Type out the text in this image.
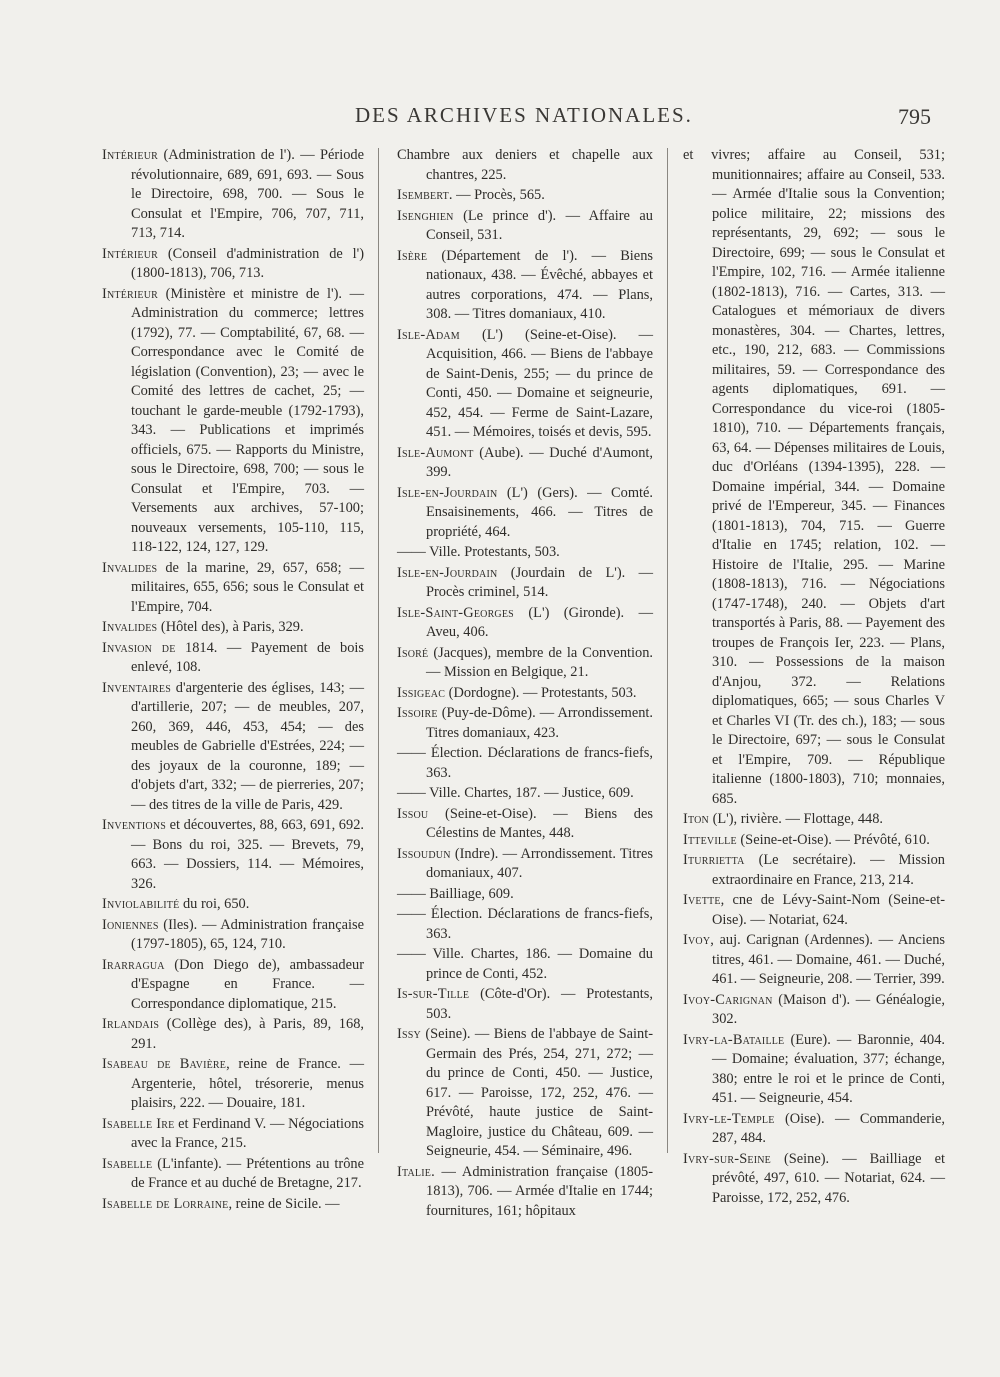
DES ARCHIVES NATIONALES.	795

Intérieur (Administration de l'). — Période révolutionnaire, 689, 691, 693. — Sous le Directoire, 698, 700. — Sous le Consulat et l'Empire, 706, 707, 711, 713, 714.

Intérieur (Conseil d'administration de l') (1800-1813), 706, 713.

Intérieur (Ministère et ministre de l'). — Administration du commerce; lettres (1792), 77. — Comptabilité, 67, 68. — Correspondance avec le Comité de législation (Convention), 23; — avec le Comité des lettres de cachet, 25; — touchant le garde-meuble (1792-1793), 343. — Publications et imprimés officiels, 675. — Rapports du Ministre, sous le Directoire, 698, 700; — sous le Consulat et l'Empire, 703. — Versements aux archives, 57-100; nouveaux versements, 105-110, 115, 118-122, 124, 127, 129.

Invalides de la marine, 29, 657, 658; — militaires, 655, 656; sous le Consulat et l'Empire, 704.

Invalides (Hôtel des), à Paris, 329.

Invasion de 1814. — Payement de bois enlevé, 108.

Inventaires d'argenterie des églises, 143; — d'artillerie, 207; — de meubles, 207, 260, 369, 446, 453, 454; — des meubles de Gabrielle d'Estrées, 224; — des joyaux de la couronne, 189; — d'objets d'art, 332; — de pierreries, 207; — des titres de la ville de Paris, 429.

Inventions et découvertes, 88, 663, 691, 692. — Bons du roi, 325. — Brevets, 79, 663. — Dossiers, 114. — Mémoires, 326.

Inviolabilité du roi, 650.

Ioniennes (Iles). — Administration française (1797-1805), 65, 124, 710.

Irarragua (Don Diego de), ambassadeur d'Espagne en France. — Correspondance diplomatique, 215.

Irlandais (Collège des), à Paris, 89, 168, 291.

Isabeau de Bavière, reine de France. — Argenterie, hôtel, trésorerie, menus plaisirs, 222. — Douaire, 181.

Isabelle Ire et Ferdinand V. — Négociations avec la France, 215.

Isabelle (L'infante). — Prétentions au trône de France et au duché de Bretagne, 217.

Isabelle de Lorraine, reine de Sicile. —

Chambre aux deniers et chapelle aux chantres, 225.

Isembert. — Procès, 565.

Isenghien (Le prince d'). — Affaire au Conseil, 531.

Isère (Département de l'). — Biens nationaux, 438. — Évêché, abbayes et autres corporations, 474. — Plans, 308. — Titres domaniaux, 410.

Isle-Adam (L') (Seine-et-Oise). — Acquisition, 466. — Biens de l'abbaye de Saint-Denis, 255; — du prince de Conti, 450. — Domaine et seigneurie, 452, 454. — Ferme de Saint-Lazare, 451. — Mémoires, toisés et devis, 595.

Isle-Aumont (Aube). — Duché d'Aumont, 399.

Isle-en-Jourdain (L') (Gers). — Comté. Ensaisinements, 466. — Titres de propriété, 464.

—— Ville. Protestants, 503.

Isle-en-Jourdain (Jourdain de L'). — Procès criminel, 514.

Isle-Saint-Georges (L') (Gironde). — Aveu, 406.

Isoré (Jacques), membre de la Convention. — Mission en Belgique, 21.

Issigeac (Dordogne). — Protestants, 503.

Issoire (Puy-de-Dôme). — Arrondissement. Titres domaniaux, 423.

—— Élection. Déclarations de francs-fiefs, 363.

—— Ville. Chartes, 187. — Justice, 609.

Issou (Seine-et-Oise). — Biens des Célestins de Mantes, 448.

Issoudun (Indre). — Arrondissement. Titres domaniaux, 407.

—— Bailliage, 609.

—— Élection. Déclarations de francs-fiefs, 363.

—— Ville. Chartes, 186. — Domaine du prince de Conti, 452.

Is-sur-Tille (Côte-d'Or). — Protestants, 503.

Issy (Seine). — Biens de l'abbaye de Saint-Germain des Prés, 254, 271, 272; — du prince de Conti, 450. — Justice, 617. — Paroisse, 172, 252, 476. — Prévôté, haute justice de Saint-Magloire, justice du Château, 609. — Seigneurie, 454. — Séminaire, 496.

Italie. — Administration française (1805-1813), 706. — Armée d'Italie en 1744; fournitures, 161; hôpitaux

et vivres; affaire au Conseil, 531; munitionnaires; affaire au Conseil, 533. — Armée d'Italie sous la Convention; police militaire, 22; missions des représentants, 29, 692; — sous le Directoire, 699; — sous le Consulat et l'Empire, 102, 716. — Armée italienne (1802-1813), 716. — Cartes, 313. — Catalogues et mémoriaux de divers monastères, 304. — Chartes, lettres, etc., 190, 212, 683. — Commissions militaires, 59. — Correspondance des agents diplomatiques, 691. — Correspondance du vice-roi (1805-1810), 710. — Départements français, 63, 64. — Dépenses militaires de Louis, duc d'Orléans (1394-1395), 228. — Domaine impérial, 344. — Domaine privé de l'Empereur, 345. — Finances (1801-1813), 704, 715. — Guerre d'Italie en 1745; relation, 102. — Histoire de l'Italie, 295. — Marine (1808-1813), 716. — Négociations (1747-1748), 240. — Objets d'art transportés à Paris, 88. — Payement des troupes de François Ier, 223. — Plans, 310. — Possessions de la maison d'Anjou, 372. — Relations diplomatiques, 665; — sous Charles V et Charles VI (Tr. des ch.), 183; — sous le Directoire, 697; — sous le Consulat et l'Empire, 709. — République italienne (1800-1803), 710; monnaies, 685.

Iton (L'), rivière. — Flottage, 448.

Itteville (Seine-et-Oise). — Prévôté, 610.

Iturrietta (Le secrétaire). — Mission extraordinaire en France, 213, 214.

Ivette, cne de Lévy-Saint-Nom (Seine-et-Oise). — Notariat, 624.

Ivoy, auj. Carignan (Ardennes). — Anciens titres, 461. — Domaine, 461. — Duché, 461. — Seigneurie, 208. — Terrier, 399.

Ivoy-Carignan (Maison d'). — Généalogie, 302.

Ivry-la-Bataille (Eure). — Baronnie, 404. — Domaine; évaluation, 377; échange, 380; entre le roi et le prince de Conti, 451. — Seigneurie, 454.

Ivry-le-Temple (Oise). — Commanderie, 287, 484.

Ivry-sur-Seine (Seine). — Bailliage et prévôté, 497, 610. — Notariat, 624. — Paroisse, 172, 252, 476.
